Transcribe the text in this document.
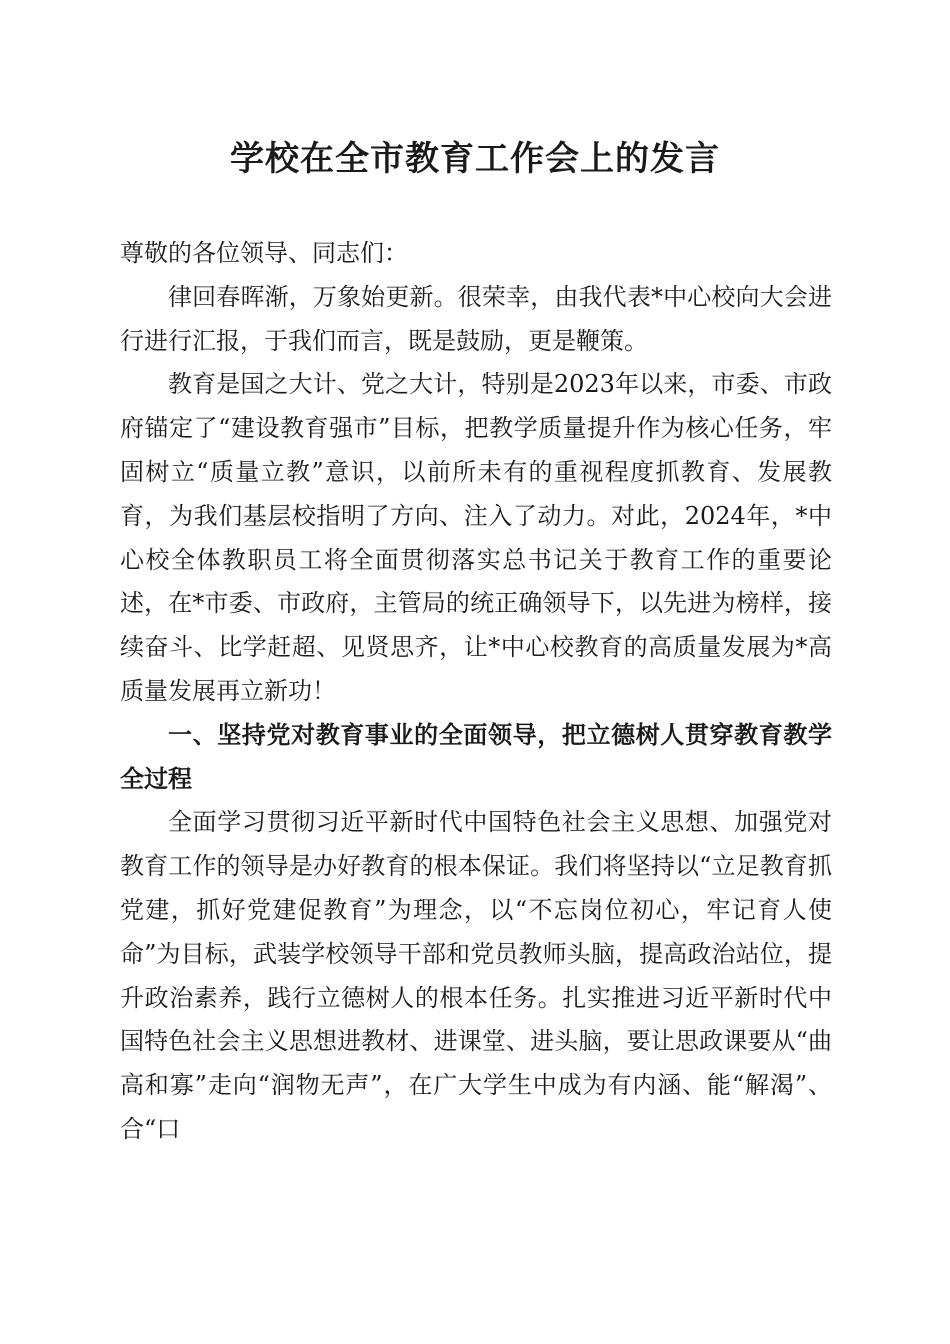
学校在全市教育工作会上的发言

尊敬的各位领导、同志们：

律回春晖渐，万象始更新。很荣幸，由我代表*中心校向大会进行进行汇报，于我们而言，既是鼓励，更是鞭策。

教育是国之大计、党之大计，特别是2023年以来，市委、市政府锚定了“建设教育强市”目标，把教学质量提升作为核心任务，牢固树立“质量立教”意识，以前所未有的重视程度抓教育、发展教育，为我们基层校指明了方向、注入了动力。对此，2024年，*中心校全体教职员工将全面贯彻落实总书记关于教育工作的重要论述，在*市委、市政府，主管局的统正确领导下，以先进为榜样，接续奋斗、比学赶超、见贤思齐，让*中心校教育的高质量发展为*高质量发展再立新功！

一、坚持党对教育事业的全面领导，把立德树人贯穿教育教学全过程

全面学习贯彻习近平新时代中国特色社会主义思想、加强党对教育工作的领导是办好教育的根本保证。我们将坚持以“立足教育抓党建，抓好党建促教育”为理念，以“不忘岗位初心，牢记育人使命”为目标，武装学校领导干部和党员教师头脑，提高政治站位，提升政治素养，践行立德树人的根本任务。扎实推进习近平新时代中国特色社会主义思想进教材、进课堂、进头脑，要让思政课要从“曲高和寡”走向“润物无声”，在广大学生中成为有内涵、能“解渴”、合“口
